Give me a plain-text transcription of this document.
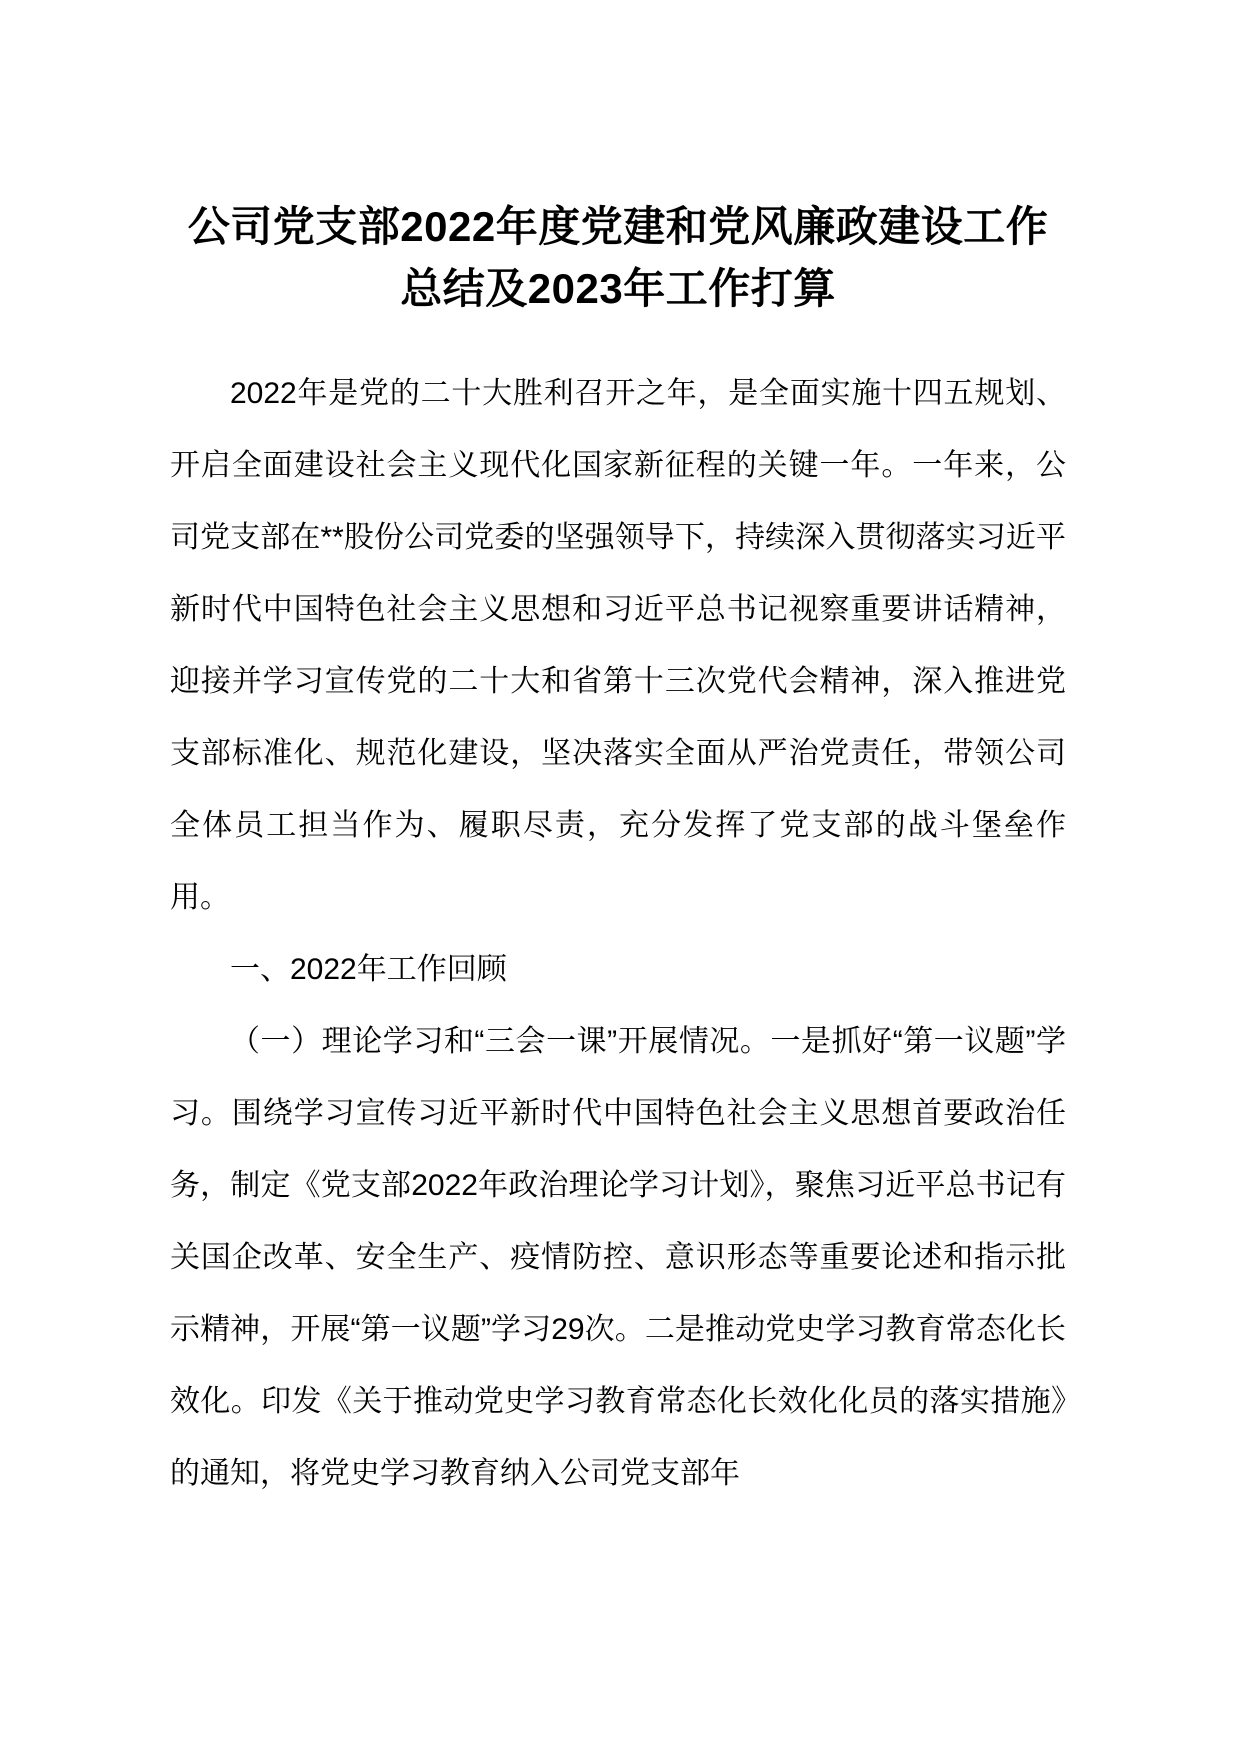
公司党支部2022年度党建和党风廉政建设工作总结及2023年工作打算

2022年是党的二十大胜利召开之年，是全面实施十四五规划、开启全面建设社会主义现代化国家新征程的关键一年。一年来，公司党支部在**股份公司党委的坚强领导下，持续深入贯彻落实习近平新时代中国特色社会主义思想和习近平总书记视察重要讲话精神，迎接并学习宣传党的二十大和省第十三次党代会精神，深入推进党支部标准化、规范化建设，坚决落实全面从严治党责任，带领公司全体员工担当作为、履职尽责，充分发挥了党支部的战斗堡垒作用。

一、2022年工作回顾

（一）理论学习和“三会一课”开展情况。一是抓好“第一议题”学习。围绕学习宣传习近平新时代中国特色社会主义思想首要政治任务，制定《党支部2022年政治理论学习计划》，聚焦习近平总书记有关国企改革、安全生产、疫情防控、意识形态等重要论述和指示批示精神，开展“第一议题”学习29次。二是推动党史学习教育常态化长效化。印发《关于推动党史学习教育常态化长效化化员的落实措施》的通知，将党史学习教育纳入公司党支部年
